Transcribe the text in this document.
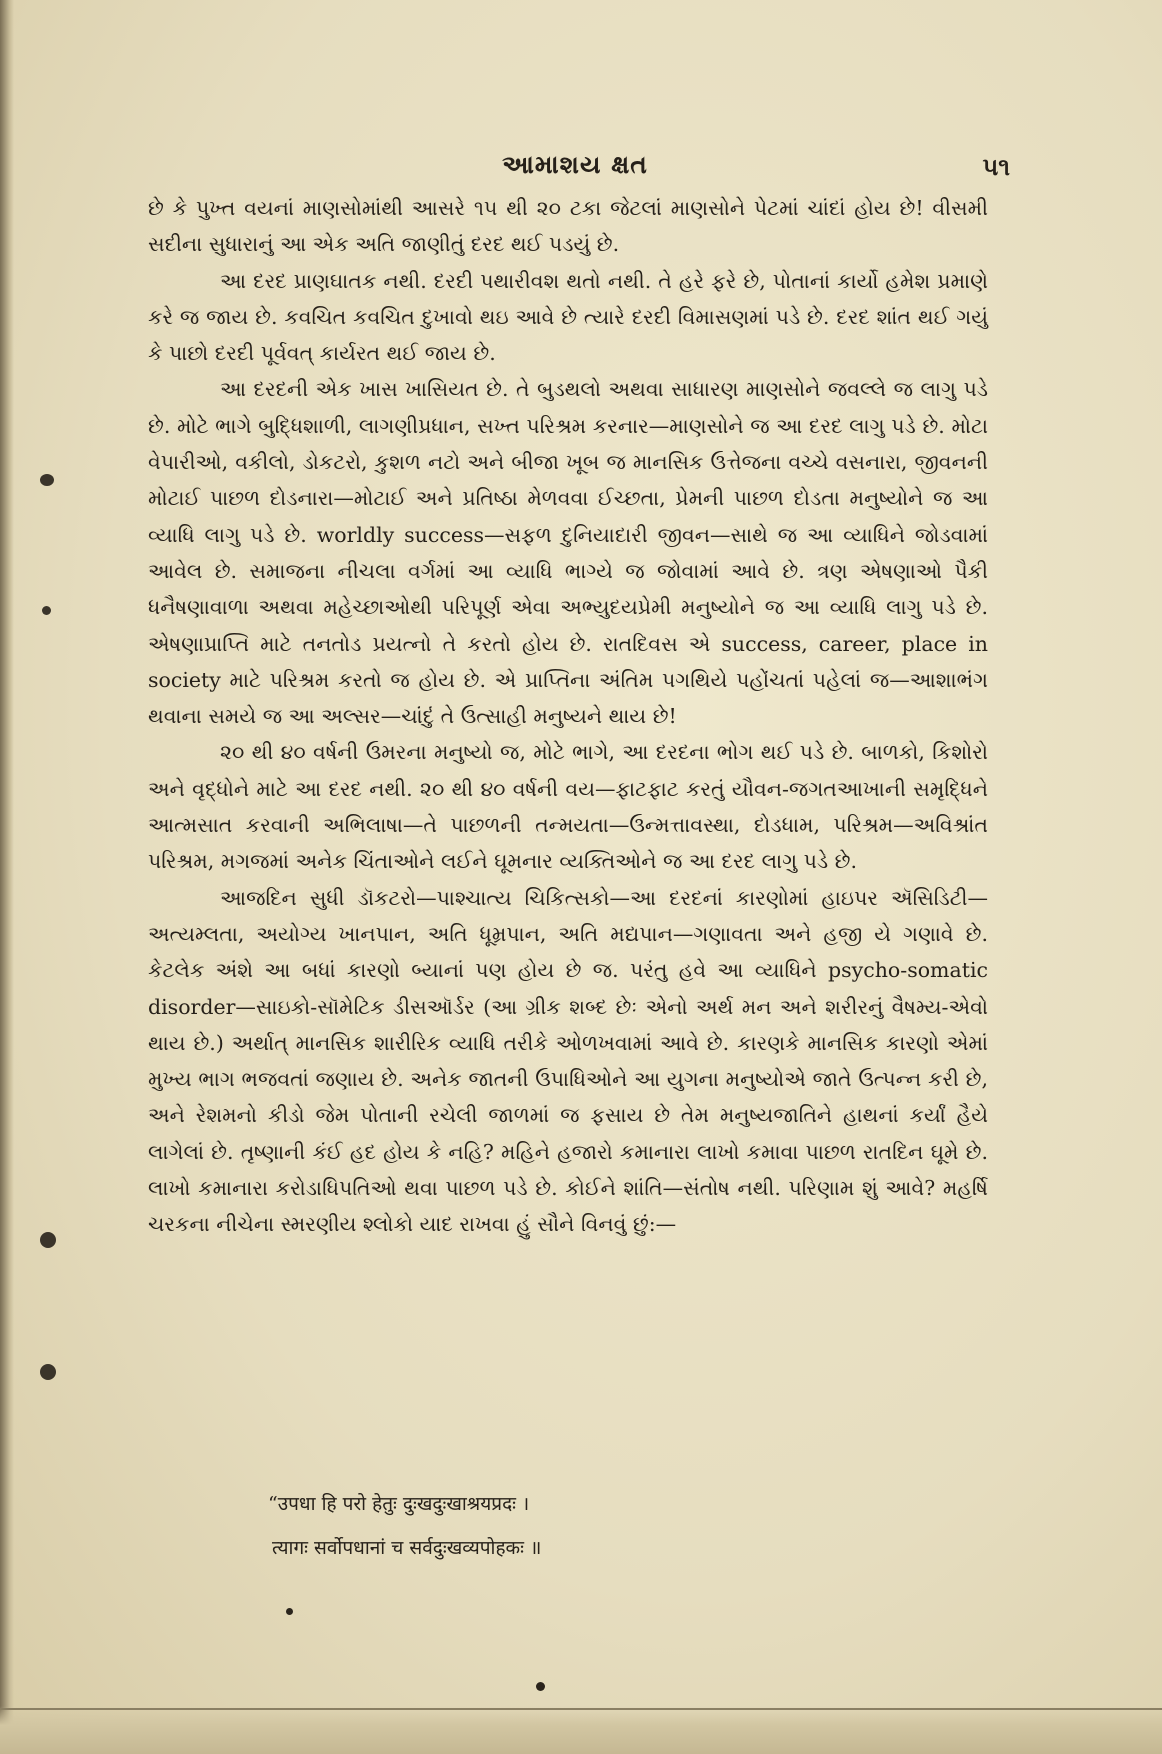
આમાશય ક્ષત	૫૧

છે કે પુખ્ત વયનાં માણસોમાંથી આસરે ૧૫ થી ૨૦ ટકા જેટલાં માણસોને પેટમાં ચાંદાં હોય છે! વીસમી સદીના સુધારાનું આ એક અતિ જાણીતું દરદ થઈ પડયું છે.

આ દરદ પ્રાણઘાતક નથી. દરદી પથારીવશ થતો નથી. તે હરે ફરે છે, પોતાનાં કાર્યો હમેશ પ્રમાણે કરે જ જાય છે. કવચિત કવચિત દુખાવો થઇ આવે છે ત્યારે દરદી વિમાસણમાં પડે છે. દરદ શાંત થઈ ગયું કે પાછો દરદી પૂર્વવત્ કાર્યરત થઈ જાય છે.

આ દરદની એક ખાસ ખાસિયત છે. તે બુડથલો અથવા સાધારણ માણસોને જવલ્લે જ લાગુ પડે છે. મોટે ભાગે બુદ્ધિશાળી, લાગણીપ્રધાન, સખ્ત પરિશ્રમ કરનાર—માણસોને જ આ દરદ લાગુ પડે છે. મોટા વેપારીઓ, વકીલો, ડોકટરો, કુશળ નટો અને બીજા ખૂબ જ માનસિક ઉત્તેજના વચ્ચે વસનારા, જીવનની મોટાઈ પાછળ દોડનારા—મોટાઈ અને પ્રતિષ્ઠા મેળવવા ઈચ્છતા, પ્રેમની પાછળ દોડતા મનુષ્યોને જ આ વ્યાધિ લાગુ પડે છે. worldly success—સફળ દુનિયાદારી જીવન—સાથે જ આ વ્યાધિને જોડવામાં આવેલ છે. સમાજના નીચલા વર્ગમાં આ વ્યાધિ ભાગ્યે જ જોવામાં આવે છે. ત્રણ એષણાઓ પૈકી ધનૈષણાવાળા અથવા મહેચ્છાઓથી પરિપૂર્ણ એવા અભ્યુદયપ્રેમી મનુષ્યોને જ આ વ્યાધિ લાગુ પડે છે. એષણાપ્રાપ્તિ માટે તનતોડ પ્રયત્નો તે કરતો હોય છે. રાતદિવસ એ success, career, place in society માટે પરિશ્રમ કરતો જ હોય છે. એ પ્રાપ્તિના અંતિમ પગથિયે પહોંચતાં પહેલાં જ—આશાભંગ થવાના સમયે જ આ અલ્સર—ચાંદું તે ઉત્સાહી મનુષ્યને થાય છે!

૨૦ થી ૪૦ વર્ષની ઉમરના મનુષ્યો જ, મોટે ભાગે, આ દરદના ભોગ થઈ પડે છે. બાળકો, કિશોરો અને વૃદ્ધોને માટે આ દરદ નથી. ૨૦ થી ૪૦ વર્ષની વય—ફાટફાટ કરતું યૌવન-જગતઆખાની સમૃદ્ધિને આત્મસાત કરવાની અભિલાષા—તે પાછળની તન્મયતા—ઉન્મત્તાવસ્થા, દોડધામ, પરિશ્રમ—અવિશ્રાંત પરિશ્રમ, મગજમાં અનેક ચિંતાઓને લઈને ઘૂમનાર વ્યક્તિઓને જ આ દરદ લાગુ પડે છે.

આજદિન સુધી ડૉકટરો—પાશ્ચાત્ય ચિકિત્સકો—આ દરદનાં કારણોમાં હાઇપર ઍસિડિટી—અત્યમ્લતા, અયોગ્ય ખાનપાન, અતિ ધૂમ્રપાન, અતિ મદ્યપાન—ગણાવતા અને હજી યે ગણાવે છે. કેટલેક અંશે આ બધાં કારણો બ્યાનાં પણ હોય છે જ. પરંતુ હવે આ વ્યાધિને psycho-somatic disorder—સાઇકો-સૉમેટિક ડીસઑર્ડર (આ ગ્રીક શબ્દ છેઃ એનો અર્થ મન અને શરીરનું વૈષમ્ય-એવો થાય છે.) અર્થાત્ માનસિક શારીરિક વ્યાધિ તરીકે ઓળખવામાં આવે છે. કારણકે માનસિક કારણો એમાં મુખ્ય ભાગ ભજવતાં જણાય છે. અનેક જાતની ઉપાધિઓને આ યુગના મનુષ્યોએ જાતે ઉત્પન્ન કરી છે, અને રેશમનો કીડો જેમ પોતાની રચેલી જાળમાં જ ફસાય છે તેમ મનુષ્યજાતિને હાથનાં કર્યાં હૈયે લાગેલાં છે. તૃષ્ણાની કંઈ હદ હોય કે નહિ? મહિને હજારો કમાનારા લાખો કમાવા પાછળ રાતદિન ઘૂમે છે. લાખો કમાનારા કરોડાધિપતિઓ થવા પાછળ પડે છે. કોઈને શાંતિ—સંતોષ નથી. પરિણામ શું આવે? મહર્ષિ ચરકના નીચેના સ્મરણીય શ્લોકો યાદ રાખવા હું સૌને વિનવું છું:—

“उपधा हि परो हेतुः दुःखदुःखाश्रयप्रदः ।
त्यागः सर्वोपधानां च सर्वदुःखव्यपोहकः ॥
